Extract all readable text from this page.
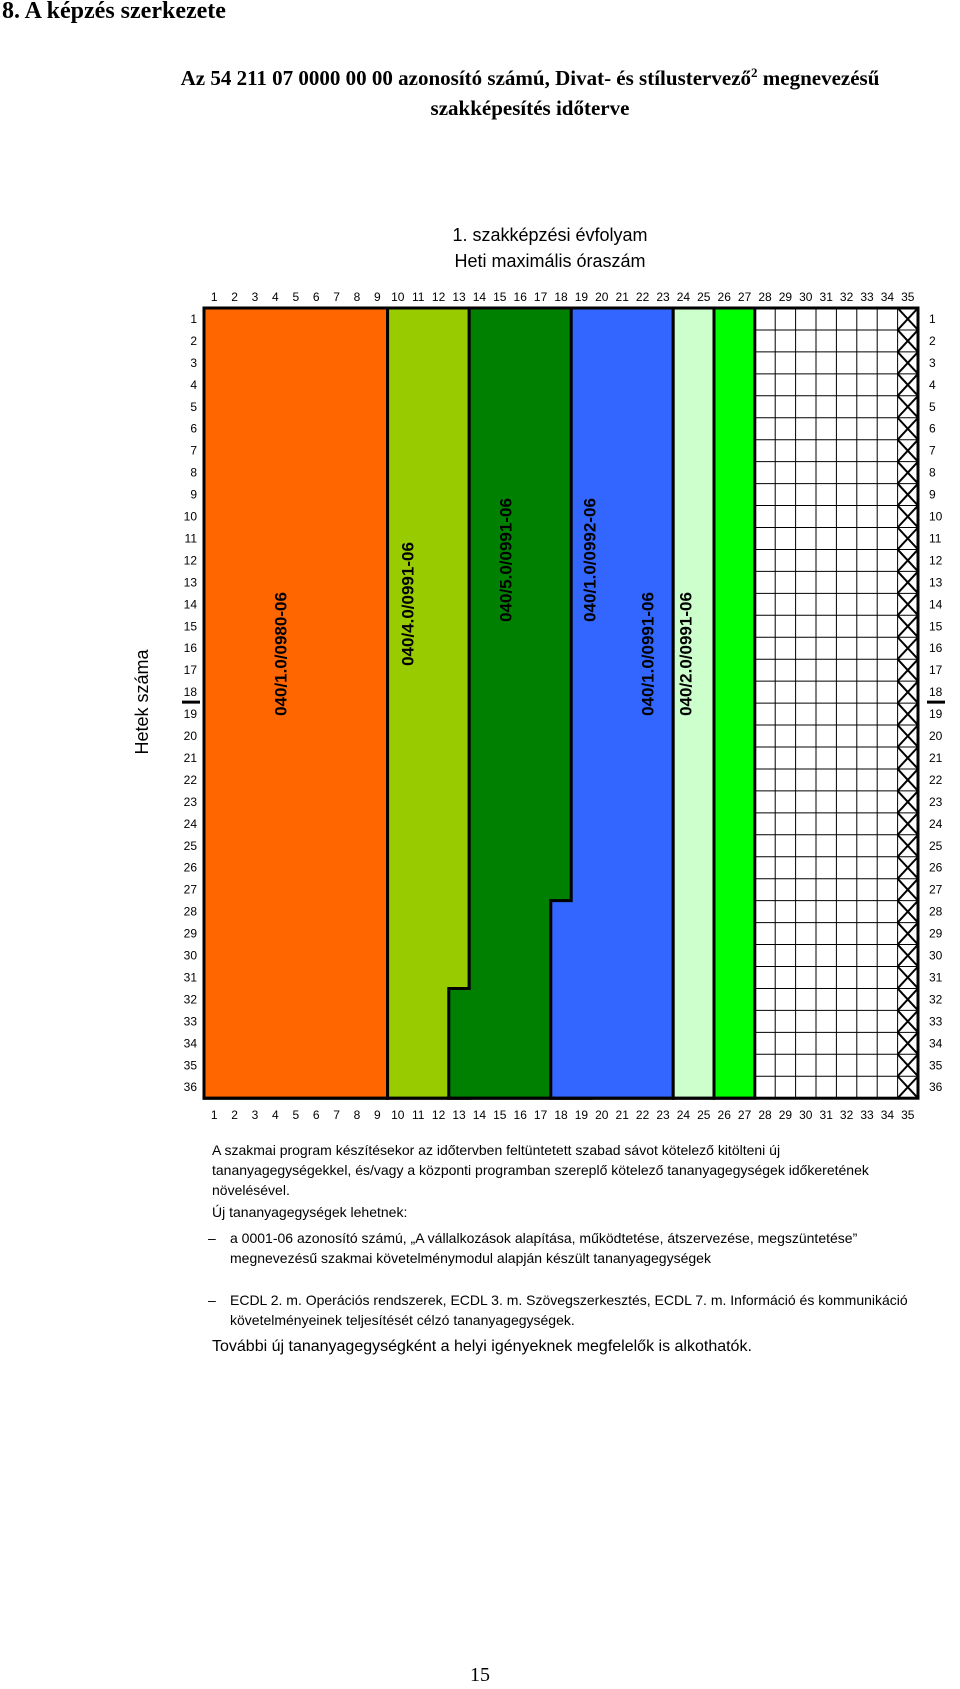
8. A képzés szerkezete
Az 54 211 07 0000 00 00 azonosító számú, Divat- és stílustervező$^2$ megnevezésű
szakképesítés időterve
1. szakképzési évfolyam
Heti maximális óraszám
040/1.0/0980-06	040/4.0/0991-06	040/5.0/0991-06	040/1.0/0992-06
040/1.0/0991-06 040/2.0/0991-06
1
1
2
2
3
3
4
4
5
5
6
6
7
7
8
8
9
9
10
10
11
11
12
12
13
13
14
14
15
15
16
16
17
17
18
18
19
19
20
20
21
21
22
22
23
23
24
24
25
25
26
26
27
27
28
28
29
29
30
30
31
31
32
32
33
33
34
34
35
35
1	1
2	2
3	3
4	4
5	5
6	6
7	7
8	8
9	9
10	10
11	11
12	12
13	13
14	14
15	15
16	16
17	17
18	18
19	19
20	20
21	21
22	22
23	23
24	24
25	25
26	26
27	27
28	28
29	29
30	30
31	31
32	32
33	33
34	34
35	35
36	36
Hetek száma

A szakmai program készítésekor az időtervben feltüntetett szabad sávot kötelező kitölteni új tananyagegységekkel, és/vagy a központi programban szereplő kötelező tananyagegységek időkeretének növelésével.

Új tananyagegységek lehetnek:

– a 0001-06 azonosító számú, „A vállalkozások alapítása, működtetése, átszervezése, megszüntetése” megnevezésű szakmai követelménymodul alapján készült tananyagegységek
– ECDL 2. m. Operációs rendszerek, ECDL 3. m. Szövegszerkesztés, ECDL 7. m. Információ és kommunikáció követelményeinek teljesítését célzó tananyagegységek.
További új tananyagegységként a helyi igényeknek megfelelők is alkothatók.
15
